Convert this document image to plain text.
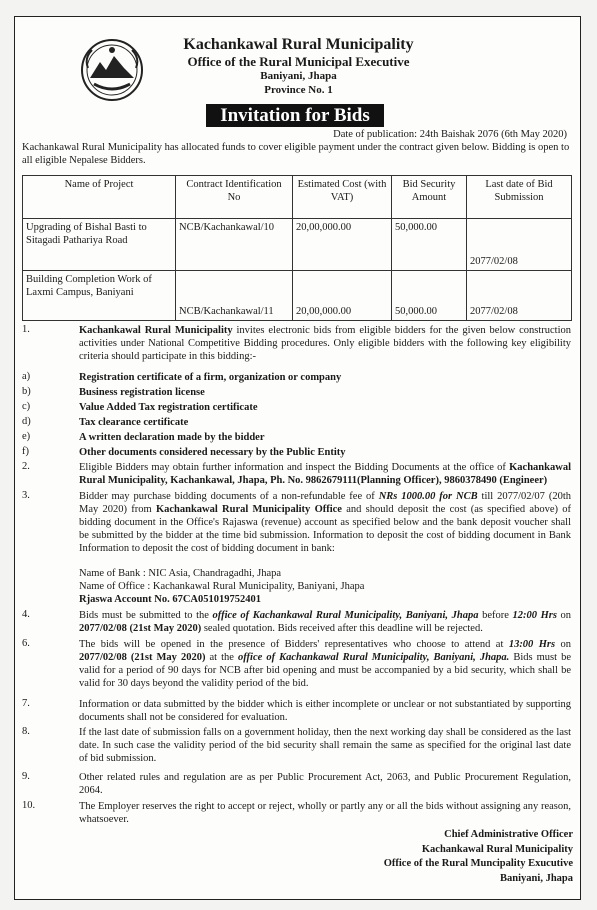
Kachankawal Rural Municipality
Office of the Rural Municipal Executive
Baniyani, Jhapa
Province No. 1
Invitation for Bids
Date of publication: 24th Baishak 2076 (6th May 2020)
Kachankawal Rural Municipality has allocated funds to cover eligible payment under the contract given below. Bidding is open to all eligible Nepalese Bidders.
Name of Project	Contract Identification No	Estimated Cost (with VAT)	Bid Security Amount	Last date of Bid Submission
Upgrading of Bishal Basti to Sitagadi Pathariya Road	NCB/Kachankawal/10	20,00,000.00	50,000.00	2077/02/08
Building Completion Work of Laxmi Campus, Baniyani	NCB/Kachankawal/11	20,00,000.00	50,000.00	2077/02/08
1.	Kachankawal Rural Municipality invites electronic bids from eligible bidders for the given below construction activities under National Competitive Bidding procedures. Only eligible bidders with the following key eligibility criteria should participate in this bidding:-
a)	Registration certificate of a firm, organization or company
b)	Business registration license
c)	Value Added Tax registration certificate
d)	Tax clearance certificate
e)	A written declaration made by the bidder
f)	Other documents considered necessary by the Public Entity
2.	Eligible Bidders may obtain further information and inspect the Bidding Documents at the office of Kachankawal Rural Municipality, Kachankawal, Jhapa, Ph. No. 9862679111(Planning Officer), 9860378490 (Engineer)
3.	Bidder may purchase bidding documents of a non-refundable fee of NRs 1000.00 for NCB till 2077/02/07 (20th May 2020) from Kachankawal Rural Municipality Office and should deposit the cost (as specified above) of bidding document in the Office's Rajaswa (revenue) account as specified below and the bank deposit voucher shall be submitted by the bidder at the time bid submission. Information to deposit the cost of bidding document in Bank Information to deposit the cost of bidding document in bank:
Name of Bank : NIC Asia, Chandragadhi, Jhapa
Name of Office : Kachankawal Rural Municipality, Baniyani, Jhapa
Rjaswa Account No. 67CA051019752401
4.	Bids must be submitted to the office of Kachankawal Rural Municipality, Baniyani, Jhapa before 12:00 Hrs on 2077/02/08 (21st May 2020) sealed quotation. Bids received after this deadline will be rejected.
6.	The bids will be opened in the presence of Bidders' representatives who choose to attend at 13:00 Hrs on 2077/02/08 (21st May 2020) at the office of Kachankawal Rural Municipality, Baniyani, Jhapa. Bids must be valid for a period of 90 days for NCB after bid opening and must be accompanied by a bid security, which shall be valid for 30 days beyond the validity period of the bid.
7.	Information or data submitted by the bidder which is either incomplete or unclear or not substantiated by supporting documents shall not be considered for evaluation.
8.	If the last date of submission falls on a government holiday, then the next working day shall be considered as the last date. In such case the validity period of the bid security shall remain the same as specified for the original last date of bid submission.
9.	Other related rules and regulation are as per Public Procurement Act, 2063, and Public Procurement Regulation, 2064.
10.	The Employer reserves the right to accept or reject, wholly or partly any or all the bids without assigning any reason, whatsoever.
Chief Administrative Officer
Kachankawal Rural Municipality
Office of the Rural Muncipality Exucutive
Baniyani, Jhapa
